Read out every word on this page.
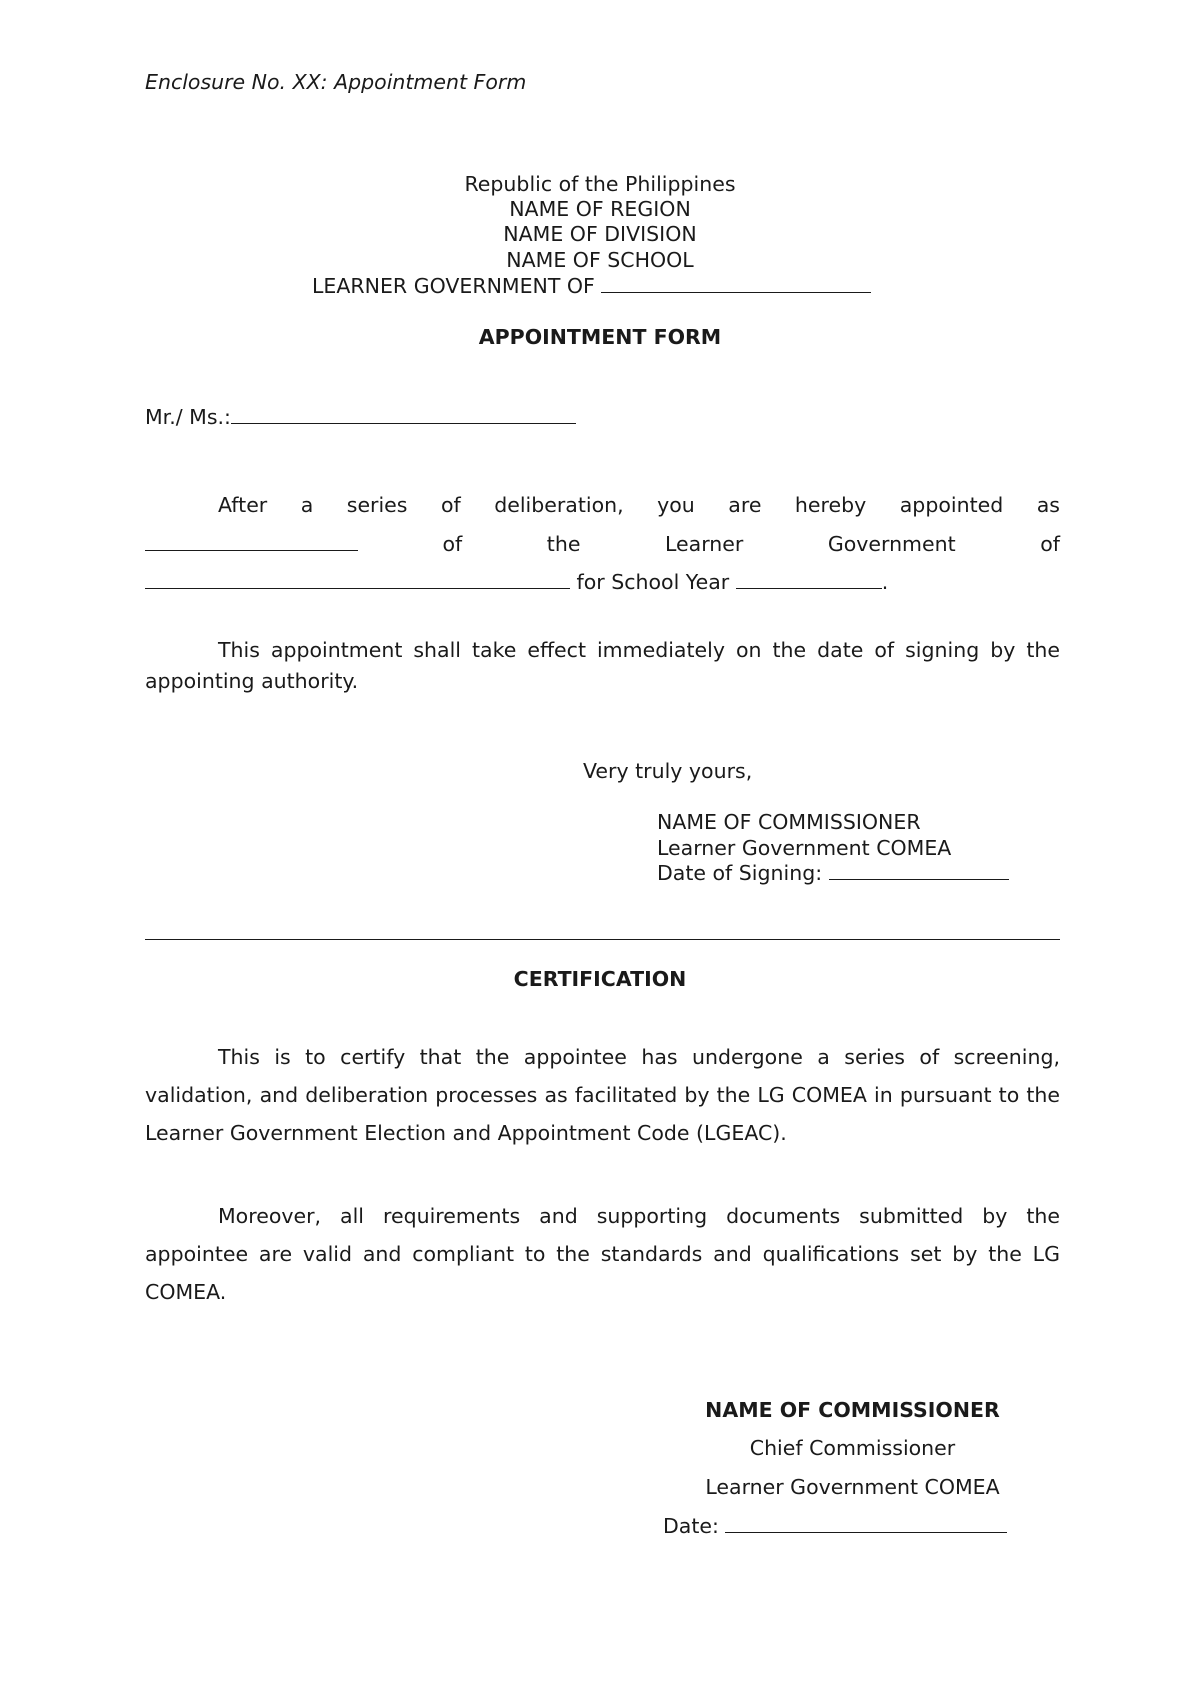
Enclosure No. XX: Appointment Form
Republic of the Philippines
NAME OF REGION
NAME OF DIVISION
NAME OF SCHOOL
LEARNER GOVERNMENT OF
APPOINTMENT FORM
Mr./ Ms.:
After a series of deliberation, you are hereby appointed as
of	the	Learner	Government	of
for School Year	.
This appointment shall take effect immediately on the date of signing by the appointing authority.
Very truly yours,
NAME OF COMMISSIONER
Learner Government COMEA
Date of Signing:
CERTIFICATION
This is to certify that the appointee has undergone a series of screening, validation, and deliberation processes as facilitated by the LG COMEA in pursuant to the Learner Government Election and Appointment Code (LGEAC).
Moreover, all requirements and supporting documents submitted by the appointee are valid and compliant to the standards and qualifications set by the LG COMEA.
NAME OF COMMISSIONER
Chief Commissioner
Learner Government COMEA
Date:
